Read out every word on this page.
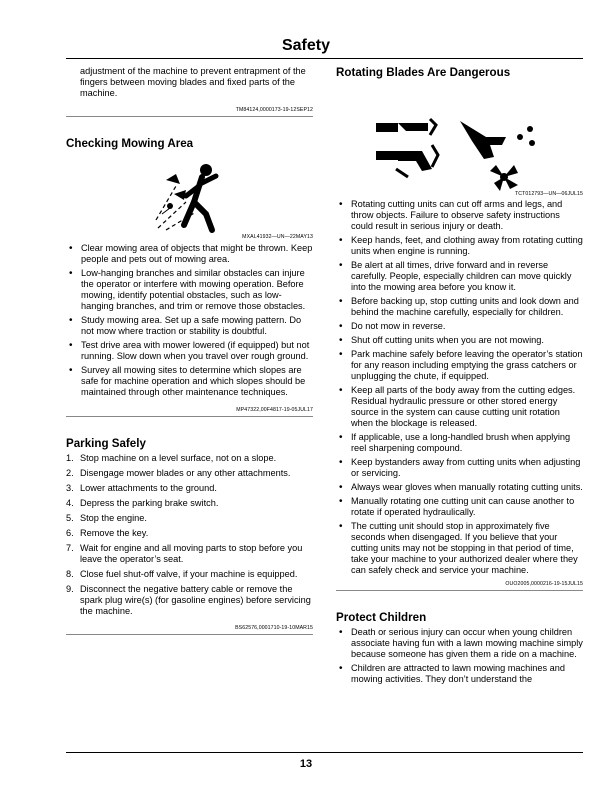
Safety

adjustment of the machine to prevent entrapment of the fingers between moving blades and fixed parts of the machine.

TM84124,0000173-19-12SEP12

Checking Mowing Area

MXAL41932—UN—22MAY13

• Clear mowing area of objects that might be thrown. Keep people and pets out of mowing area.
• Low-hanging branches and similar obstacles can injure the operator or interfere with mowing operation. Before mowing, identify potential obstacles, such as low-hanging branches, and trim or remove those obstacles.
• Study mowing area. Set up a safe mowing pattern. Do not mow where traction or stability is doubtful.
• Test drive area with mower lowered (if equipped) but not running. Slow down when you travel over rough ground.
• Survey all mowing sites to determine which slopes are safe for machine operation and which slopes should be maintained through other maintenance techniques.

MP47322,00F4817-19-05JUL17

Parking Safely
1. Stop machine on a level surface, not on a slope.
2. Disengage mower blades or any other attachments.
3. Lower attachments to the ground.
4. Depress the parking brake switch.
5. Stop the engine.
6. Remove the key.
7. Wait for engine and all moving parts to stop before you leave the operator’s seat.
8. Close fuel shut-off valve, if your machine is equipped.
9. Disconnect the negative battery cable or remove the spark plug wire(s) (for gasoline engines) before servicing the machine.

BS62576,0001710-19-10MAR15

Rotating Blades Are Dangerous

TCT012793—UN—06JUL15

• Rotating cutting units can cut off arms and legs, and throw objects. Failure to observe safety instructions could result in serious injury or death.
• Keep hands, feet, and clothing away from rotating cutting units when engine is running.
• Be alert at all times, drive forward and in reverse carefully. People, especially children can move quickly into the mowing area before you know it.
• Before backing up, stop cutting units and look down and behind the machine carefully, especially for children.
• Do not mow in reverse.
• Shut off cutting units when you are not mowing.
• Park machine safely before leaving the operator’s station for any reason including emptying the grass catchers or unplugging the chute, if equipped.
• Keep all parts of the body away from the cutting edges. Residual hydraulic pressure or other stored energy source in the system can cause cutting unit rotation when the blockage is released.
• If applicable, use a long-handled brush when applying reel sharpening compound.
• Keep bystanders away from cutting units when adjusting or servicing.
• Always wear gloves when manually rotating cutting units.
• Manually rotating one cutting unit can cause another to rotate if operated hydraulically.
• The cutting unit should stop in approximately five seconds when disengaged. If you believe that your cutting units may not be stopping in that period of time, take your machine to your authorized dealer where they can safely check and service your machine.

OUO2005,0000216-19-15JUL15

Protect Children
• Death or serious injury can occur when young children associate having fun with a lawn mowing machine simply because someone has given them a ride on a machine.
• Children are attracted to lawn mowing machines and mowing activities. They don’t understand the
13
